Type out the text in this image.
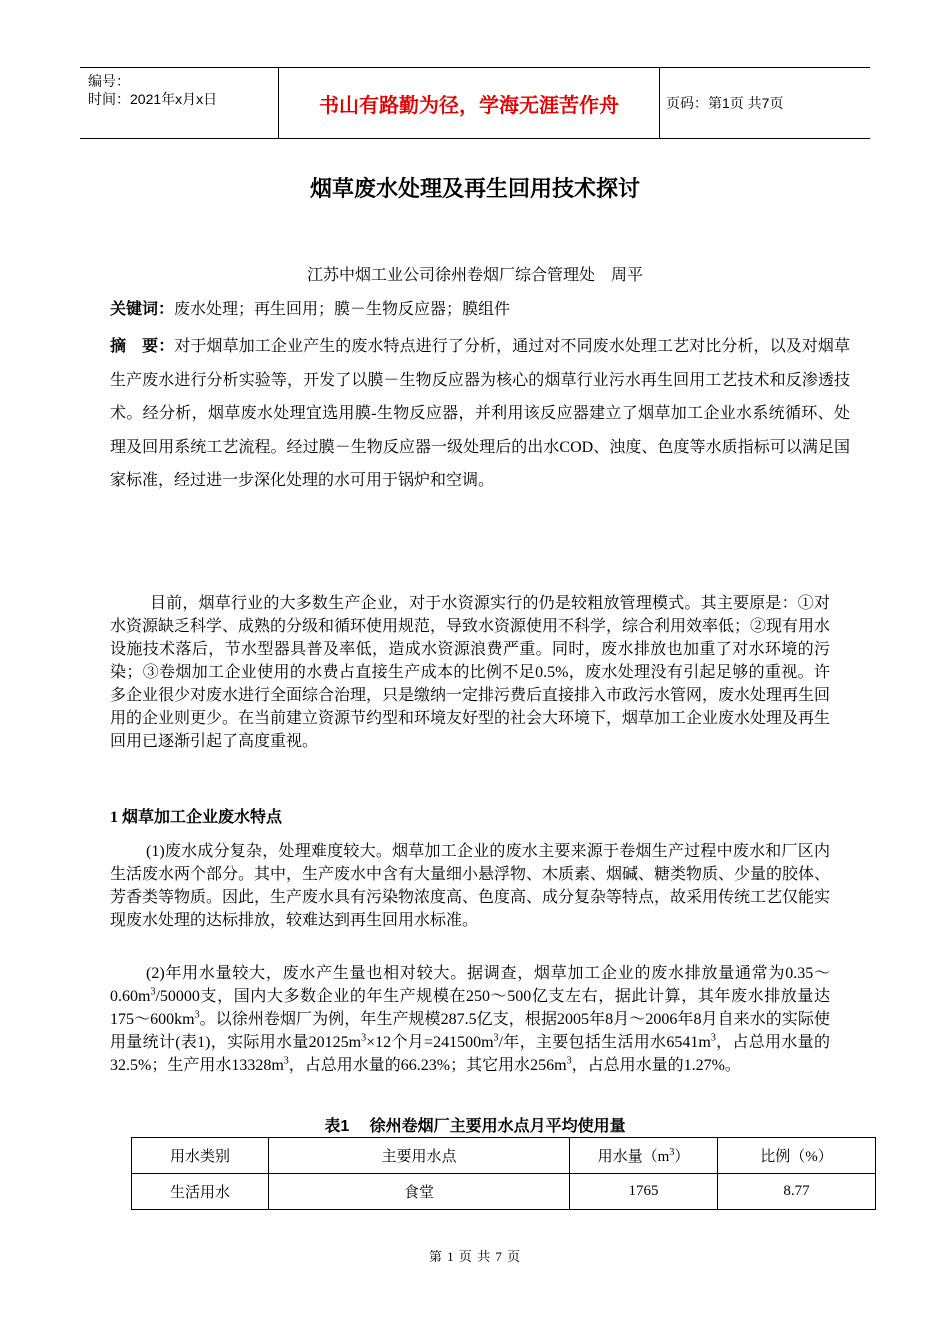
编号：
时间：2021年x月x日	书山有路勤为径，学海无涯苦作舟	页码：第1页 共7页
烟草废水处理及再生回用技术探讨
江苏中烟工业公司徐州卷烟厂综合管理处　周平
关键词：废水处理；再生回用；膜－生物反应器；膜组件
摘　要：对于烟草加工企业产生的废水特点进行了分析，通过对不同废水处理工艺对比分析，以及对烟草生产废水进行分析实验等，开发了以膜－生物反应器为核心的烟草行业污水再生回用工艺技术和反渗透技术。经分析，烟草废水处理宜选用膜-生物反应器，并利用该反应器建立了烟草加工企业水系统循环、处理及回用系统工艺流程。经过膜－生物反应器一级处理后的出水COD、浊度、色度等水质指标可以满足国家标准，经过进一步深化处理的水可用于锅炉和空调。
目前，烟草行业的大多数生产企业，对于水资源实行的仍是较粗放管理模式。其主要原是：①对水资源缺乏科学、成熟的分级和循环使用规范，导致水资源使用不科学，综合利用效率低；②现有用水设施技术落后，节水型器具普及率低，造成水资源浪费严重。同时，废水排放也加重了对水环境的污染；③卷烟加工企业使用的水费占直接生产成本的比例不足0.5%，废水处理没有引起足够的重视。许多企业很少对废水进行全面综合治理，只是缴纳一定排污费后直接排入市政污水管网，废水处理再生回用的企业则更少。在当前建立资源节约型和环境友好型的社会大环境下，烟草加工企业废水处理及再生回用已逐渐引起了高度重视。
1 烟草加工企业废水特点
(1)废水成分复杂，处理难度较大。烟草加工企业的废水主要来源于卷烟生产过程中废水和厂区内生活废水两个部分。其中，生产废水中含有大量细小悬浮物、木质素、烟碱、糖类物质、少量的胶体、芳香类等物质。因此，生产废水具有污染物浓度高、色度高、成分复杂等特点，故采用传统工艺仅能实现废水处理的达标排放，较难达到再生回用水标准。
(2)年用水量较大，废水产生量也相对较大。据调查，烟草加工企业的废水排放量通常为$0.35\sim 0.60m^3/50000$支，国内大多数企业的年生产规模在250～500亿支左右，据此计算，其年废水排放量达$175\sim 600km^3$。以徐州卷烟厂为例，年生产规模287.5亿支，根据2005年8月～2006年8月自来水的实际使用量统计(表1)，实际用水量$20125m^3\times 12$个月$=241500m^3/$年，主要包括生活用水$6541m^3$，占总用水量的32.5%；生产用水$13328m^3$，占总用水量的66.23%；其它用水$256m^3$，占总用水量的1.27%。
表1　 徐州卷烟厂主要用水点月平均使用量
用水类别	主要用水点	用水量$(m^3)$	比例（%）
生活用水	食堂	1765	8.77
第 1 页 共 7 页
